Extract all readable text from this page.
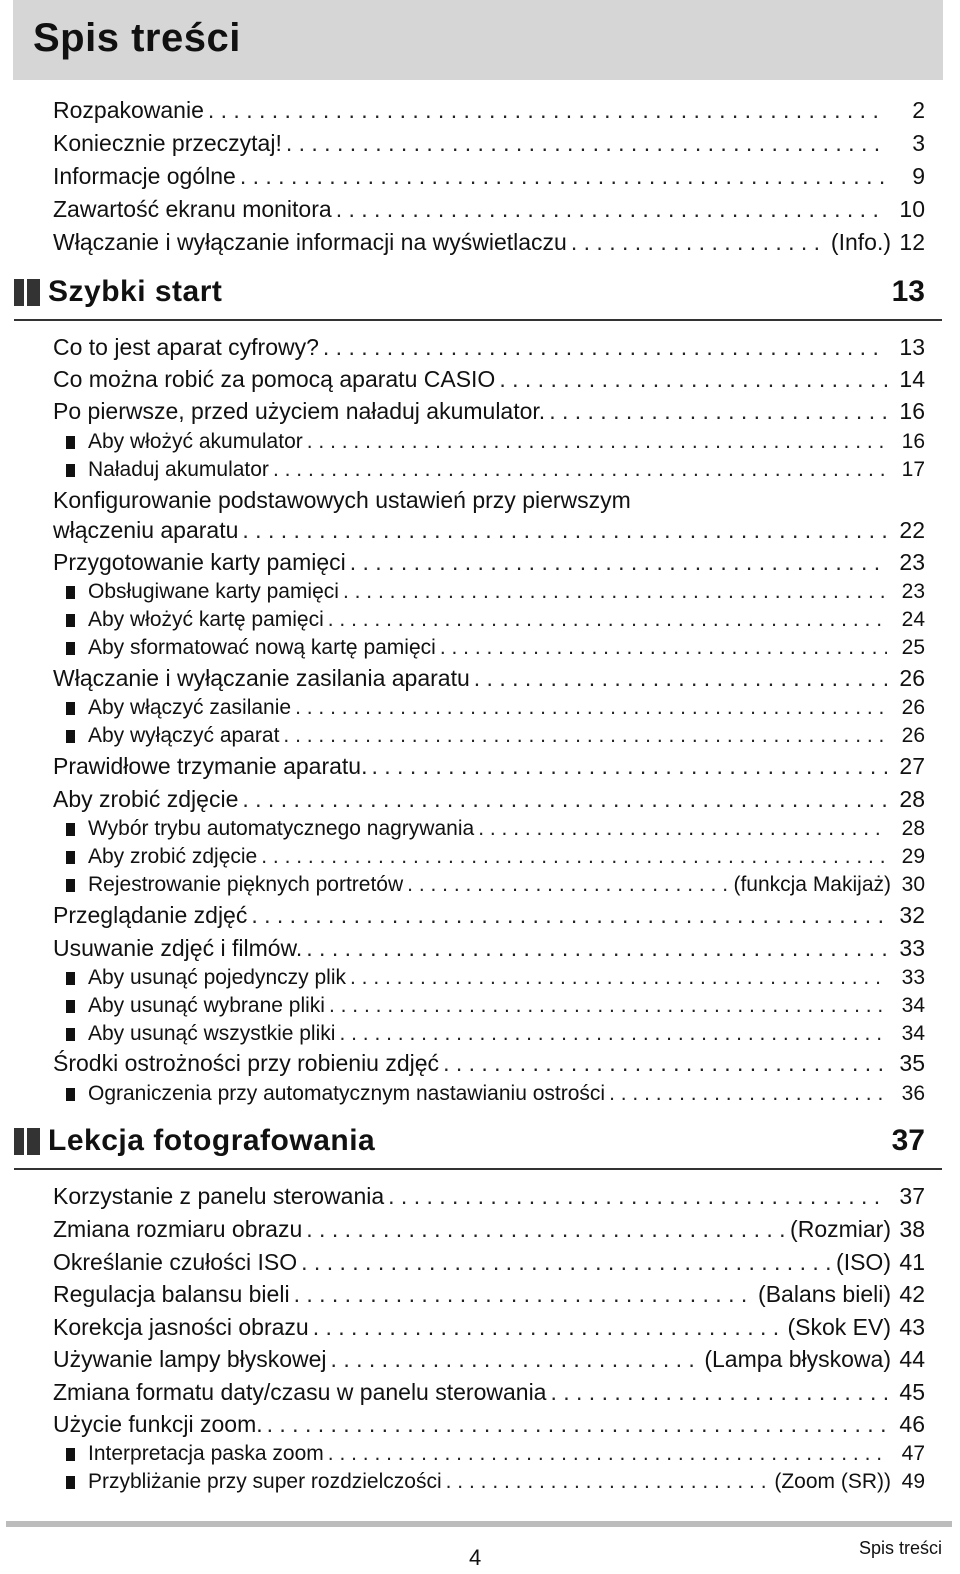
Spis treści
Rozpakowanie . . .	2
Koniecznie przeczytaj! . . .	3
Informacje ogólne . . .	9
Zawartość ekranu monitora . . .	10
Włączanie i wyłączanie informacji na wyświetlaczu . . .	(Info.) 12
Szybki start	13
Co to jest aparat cyfrowy? . . .	13
Co można robić za pomocą aparatu CASIO . . .	14
Po pierwsze, przed użyciem naładuj akumulator. . . .	16
Aby włożyć akumulator . . .	16
Naładuj akumulator . . .	17
Konfigurowanie podstawowych ustawień przy pierwszym
włączeniu aparatu . . .	22
Przygotowanie karty pamięci . . .	23
Obsługiwane karty pamięci . . .	23
Aby włożyć kartę pamięci . . .	24
Aby sformatować nową kartę pamięci . . .	25
Włączanie i wyłączanie zasilania aparatu . . .	26
Aby włączyć zasilanie . . .	26
Aby wyłączyć aparat . . .	26
Prawidłowe trzymanie aparatu. . . .	27
Aby zrobić zdjęcie . . .	28
Wybór trybu automatycznego nagrywania . . .	28
Aby zrobić zdjęcie . . .	29
Rejestrowanie pięknych portretów . . .	(funkcja Makijaż) 30
Przeglądanie zdjęć . . .	32
Usuwanie zdjęć i filmów. . . .	33
Aby usunąć pojedynczy plik . . .	33
Aby usunąć wybrane pliki . . .	34
Aby usunąć wszystkie pliki . . .	34
Środki ostrożności przy robieniu zdjęć . . .	35
Ograniczenia przy automatycznym nastawianiu ostrości . . .	36
Lekcja fotografowania	37
Korzystanie z panelu sterowania . . .	37
Zmiana rozmiaru obrazu . . .	(Rozmiar) 38
Określanie czułości ISO . . .	(ISO) 41
Regulacja balansu bieli . . .	(Balans bieli) 42
Korekcja jasności obrazu . . .	(Skok EV) 43
Używanie lampy błyskowej . . .	(Lampa błyskowa) 44
Zmiana formatu daty/czasu w panelu sterowania . . .	45
Użycie funkcji zoom. . . .	46
Interpretacja paska zoom . . .	47
Przybliżanie przy super rozdzielczości . . .	(Zoom (SR)) 49
4	Spis treści
